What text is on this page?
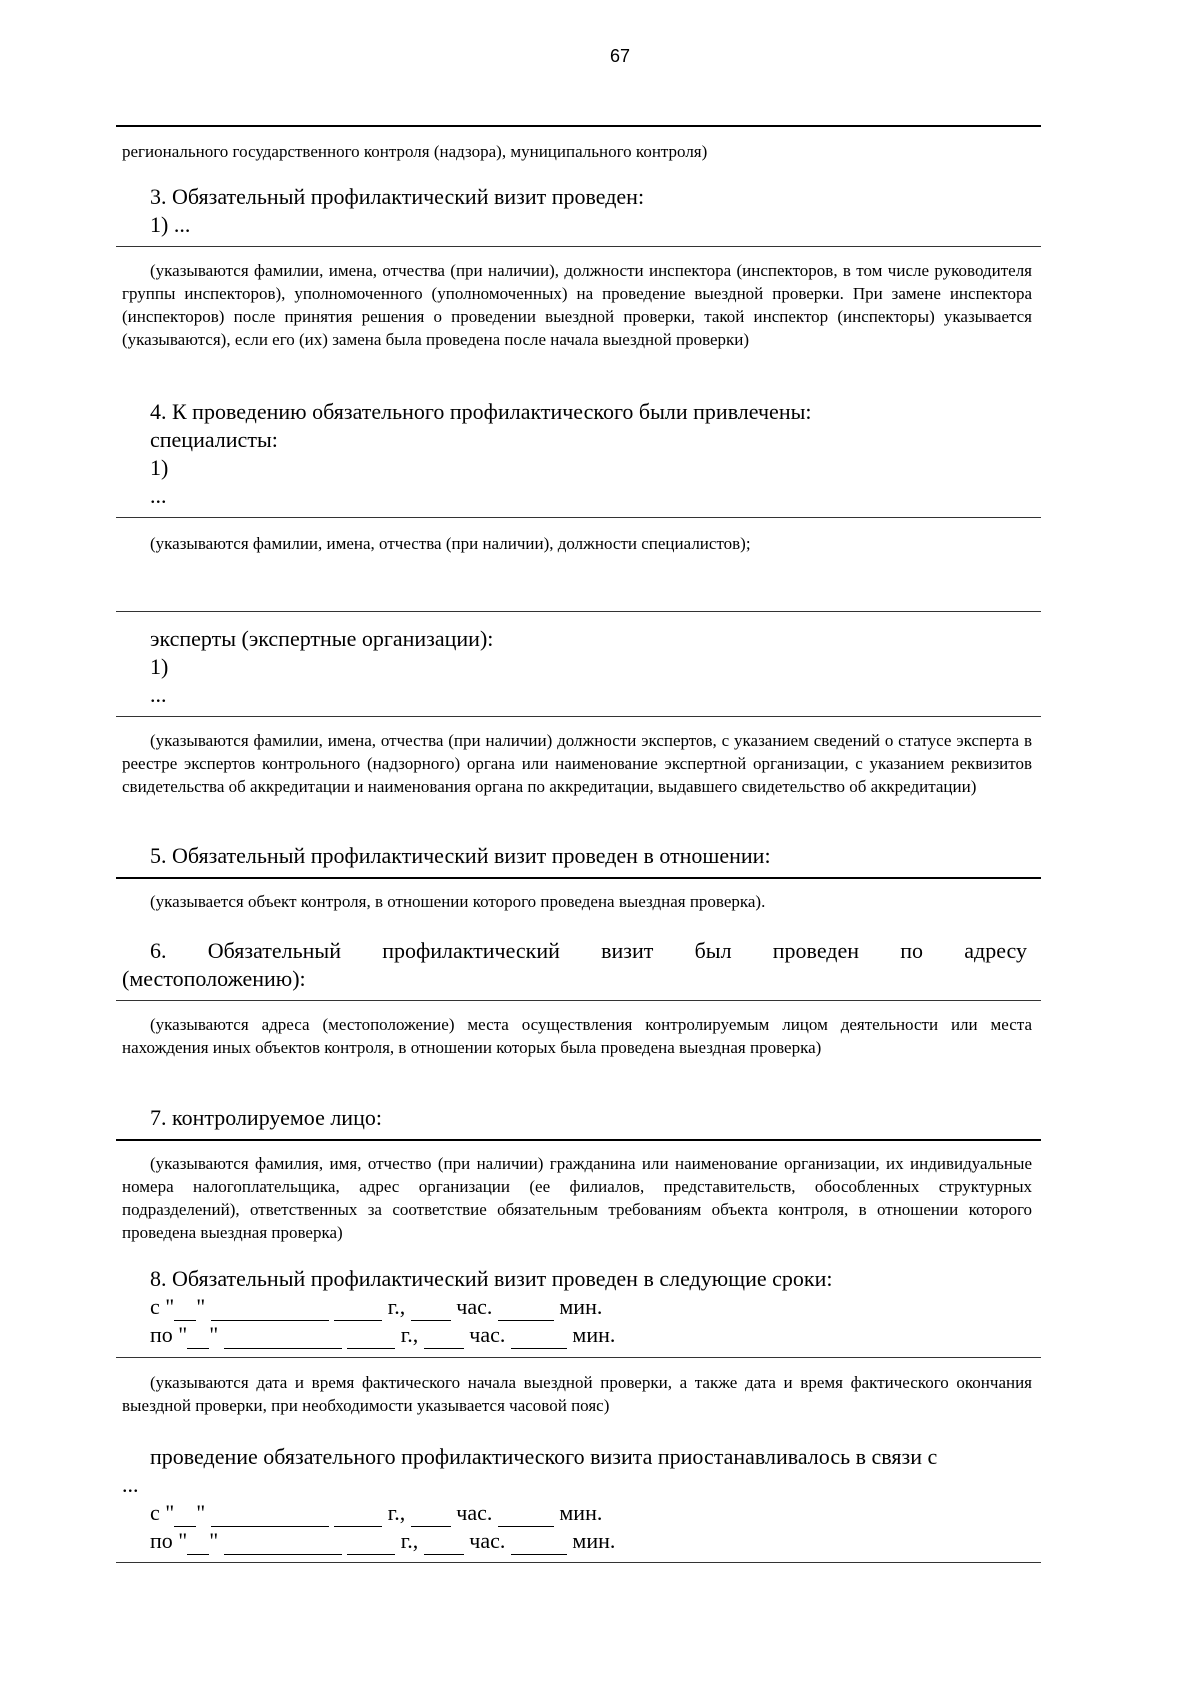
67
регионального государственного контроля (надзора), муниципального контроля)
3. Обязательный профилактический визит проведен:
1) ...
(указываются фамилии, имена, отчества (при наличии), должности инспектора (инспекторов, в том числе руководителя группы инспекторов), уполномоченного (уполномоченных) на проведение выездной проверки. При замене инспектора (инспекторов) после принятия решения о проведении выездной проверки, такой инспектор (инспекторы) указывается (указываются), если его (их) замена была проведена после начала выездной проверки)
4. К проведению обязательного профилактического были привлечены:
специалисты:
1)
...
(указываются фамилии, имена, отчества (при наличии), должности специалистов);
эксперты (экспертные организации):
1)
...
(указываются фамилии, имена, отчества (при наличии) должности экспертов, с указанием сведений о статусе эксперта в реестре экспертов контрольного (надзорного) органа или наименование экспертной организации, с указанием реквизитов свидетельства об аккредитации и наименования органа по аккредитации, выдавшего свидетельство об аккредитации)
5. Обязательный профилактический визит проведен в отношении:
(указывается объект контроля, в отношении которого проведена выездная проверка).
6. Обязательный профилактический визит был проведен по адресу
(местоположению):
(указываются адреса (местоположение) места осуществления контролируемым лицом деятельности или места нахождения иных объектов контроля, в отношении которых была проведена выездная проверка)
7. контролируемое лицо:
(указываются фамилия, имя, отчество (при наличии) гражданина или наименование организации, их индивидуальные номера налогоплательщика, адрес организации (ее филиалов, представительств, обособленных структурных подразделений), ответственных за соответствие обязательным требованиям объекта контроля, в отношении которого проведена выездная проверка)
8. Обязательный профилактический визит проведен в следующие сроки:
с " "	г., час.	мин.
по " "	г., час.	мин.
(указываются дата и время фактического начала выездной проверки, а также дата и время фактического окончания выездной проверки, при необходимости указывается часовой пояс)
проведение обязательного профилактического визита приостанавливалось в связи с
...
с " "	г., час.	мин.
по " "	г., час.	мин.
